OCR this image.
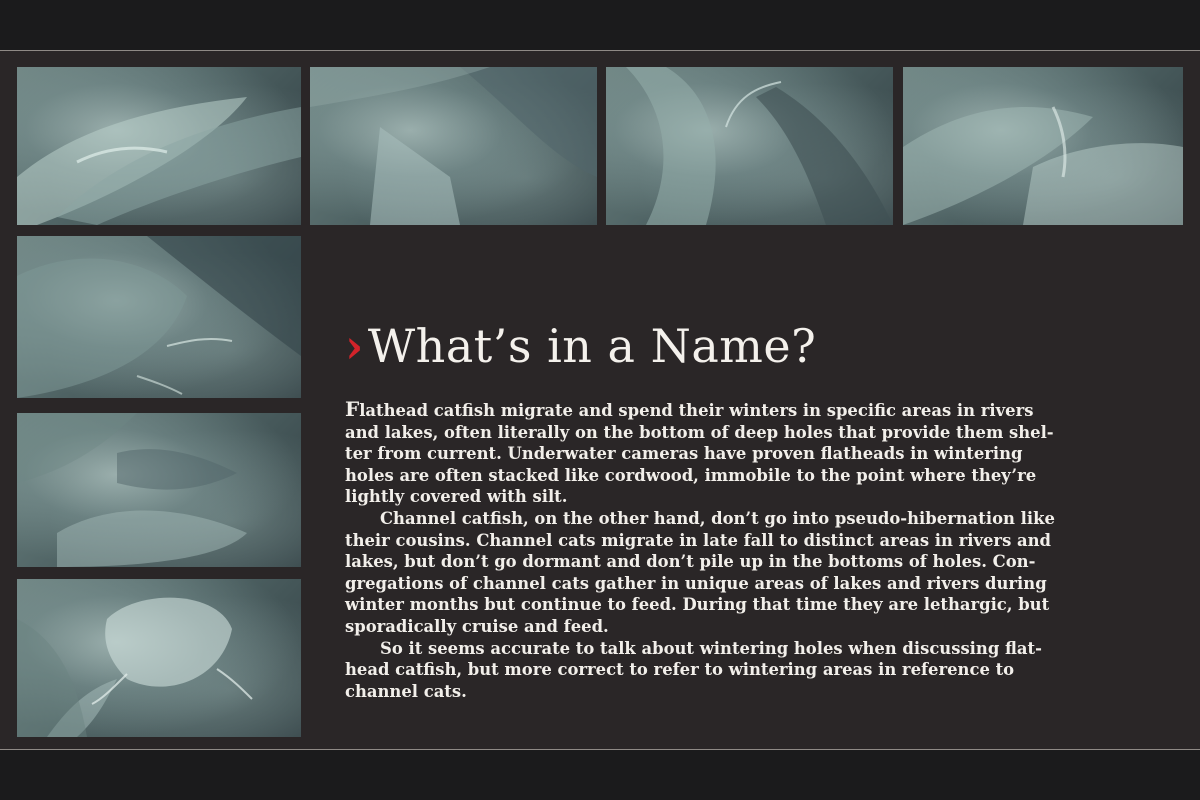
›What’s in a Name?
Flathead catfish migrate and spend their winters in specific areas in rivers
and lakes, often literally on the bottom of deep holes that provide them shel-
ter from current. Underwater cameras have proven flatheads in wintering
holes are often stacked like cordwood, immobile to the point where they’re
lightly covered with silt.
Channel catfish, on the other hand, don’t go into pseudo-hibernation like
their cousins. Channel cats migrate in late fall to distinct areas in rivers and
lakes, but don’t go dormant and don’t pile up in the bottoms of holes. Con-
gregations of channel cats gather in unique areas of lakes and rivers during
winter months but continue to feed. During that time they are lethargic, but
sporadically cruise and feed.
So it seems accurate to talk about wintering holes when discussing flat-
head catfish, but more correct to refer to wintering areas in reference to
channel cats.
